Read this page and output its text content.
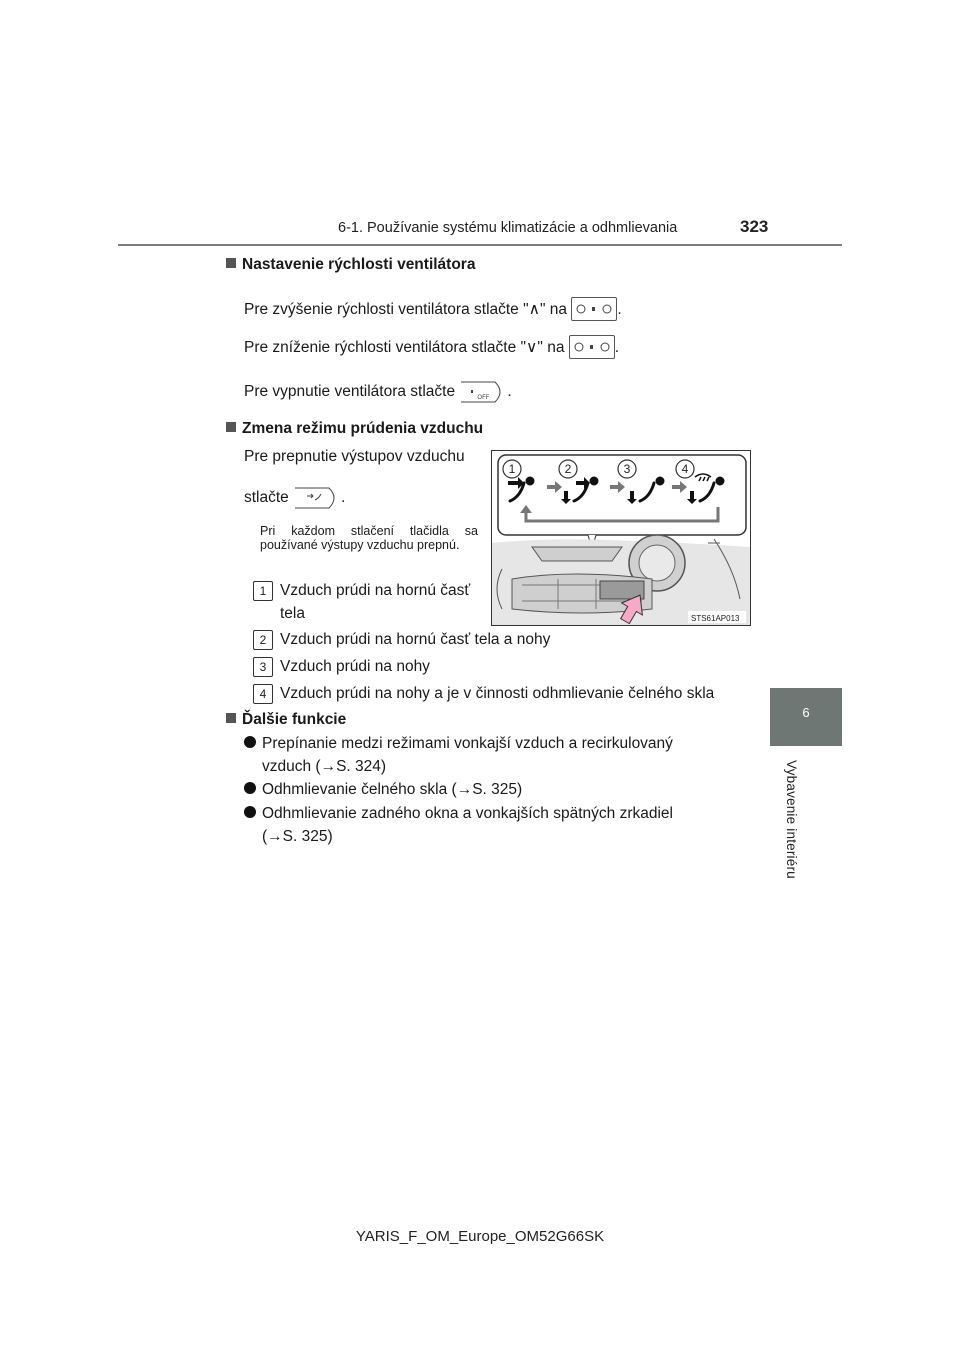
6-1. Používanie systému klimatizácie a odhmlievania	323
6
Vybavenie interiéru
Nastavenie rýchlosti ventilátora
Pre zvýšenie rýchlosti ventilátora stlačte "∧" na	.
Pre zníženie rýchlosti ventilátora stlačte "∨" na	.
Pre vypnutie ventilátora stlačte	OFF .
Zmena režimu prúdenia vzduchu
Pre prepnutie výstupov vzduchu
stlačte	.
Pri každom stlačení tlačidla sa používané výstupy vzduchu prepnú.
1	2	3	4
STS61AP013
1 Vzduch prúdi na hornú časť
tela
2 Vzduch prúdi na hornú časť tela a nohy
3 Vzduch prúdi na nohy
4 Vzduch prúdi na nohy a je v činnosti odhmlievanie čelného skla
Ďalšie funkcie
Prepínanie medzi režimami vonkajší vzduch a recirkulovaný
vzduch (→S. 324)
Odhmlievanie čelného skla (→S. 325)
Odhmlievanie zadného okna a vonkajších spätných zrkadiel
(→S. 325)
YARIS_F_OM_Europe_OM52G66SK
